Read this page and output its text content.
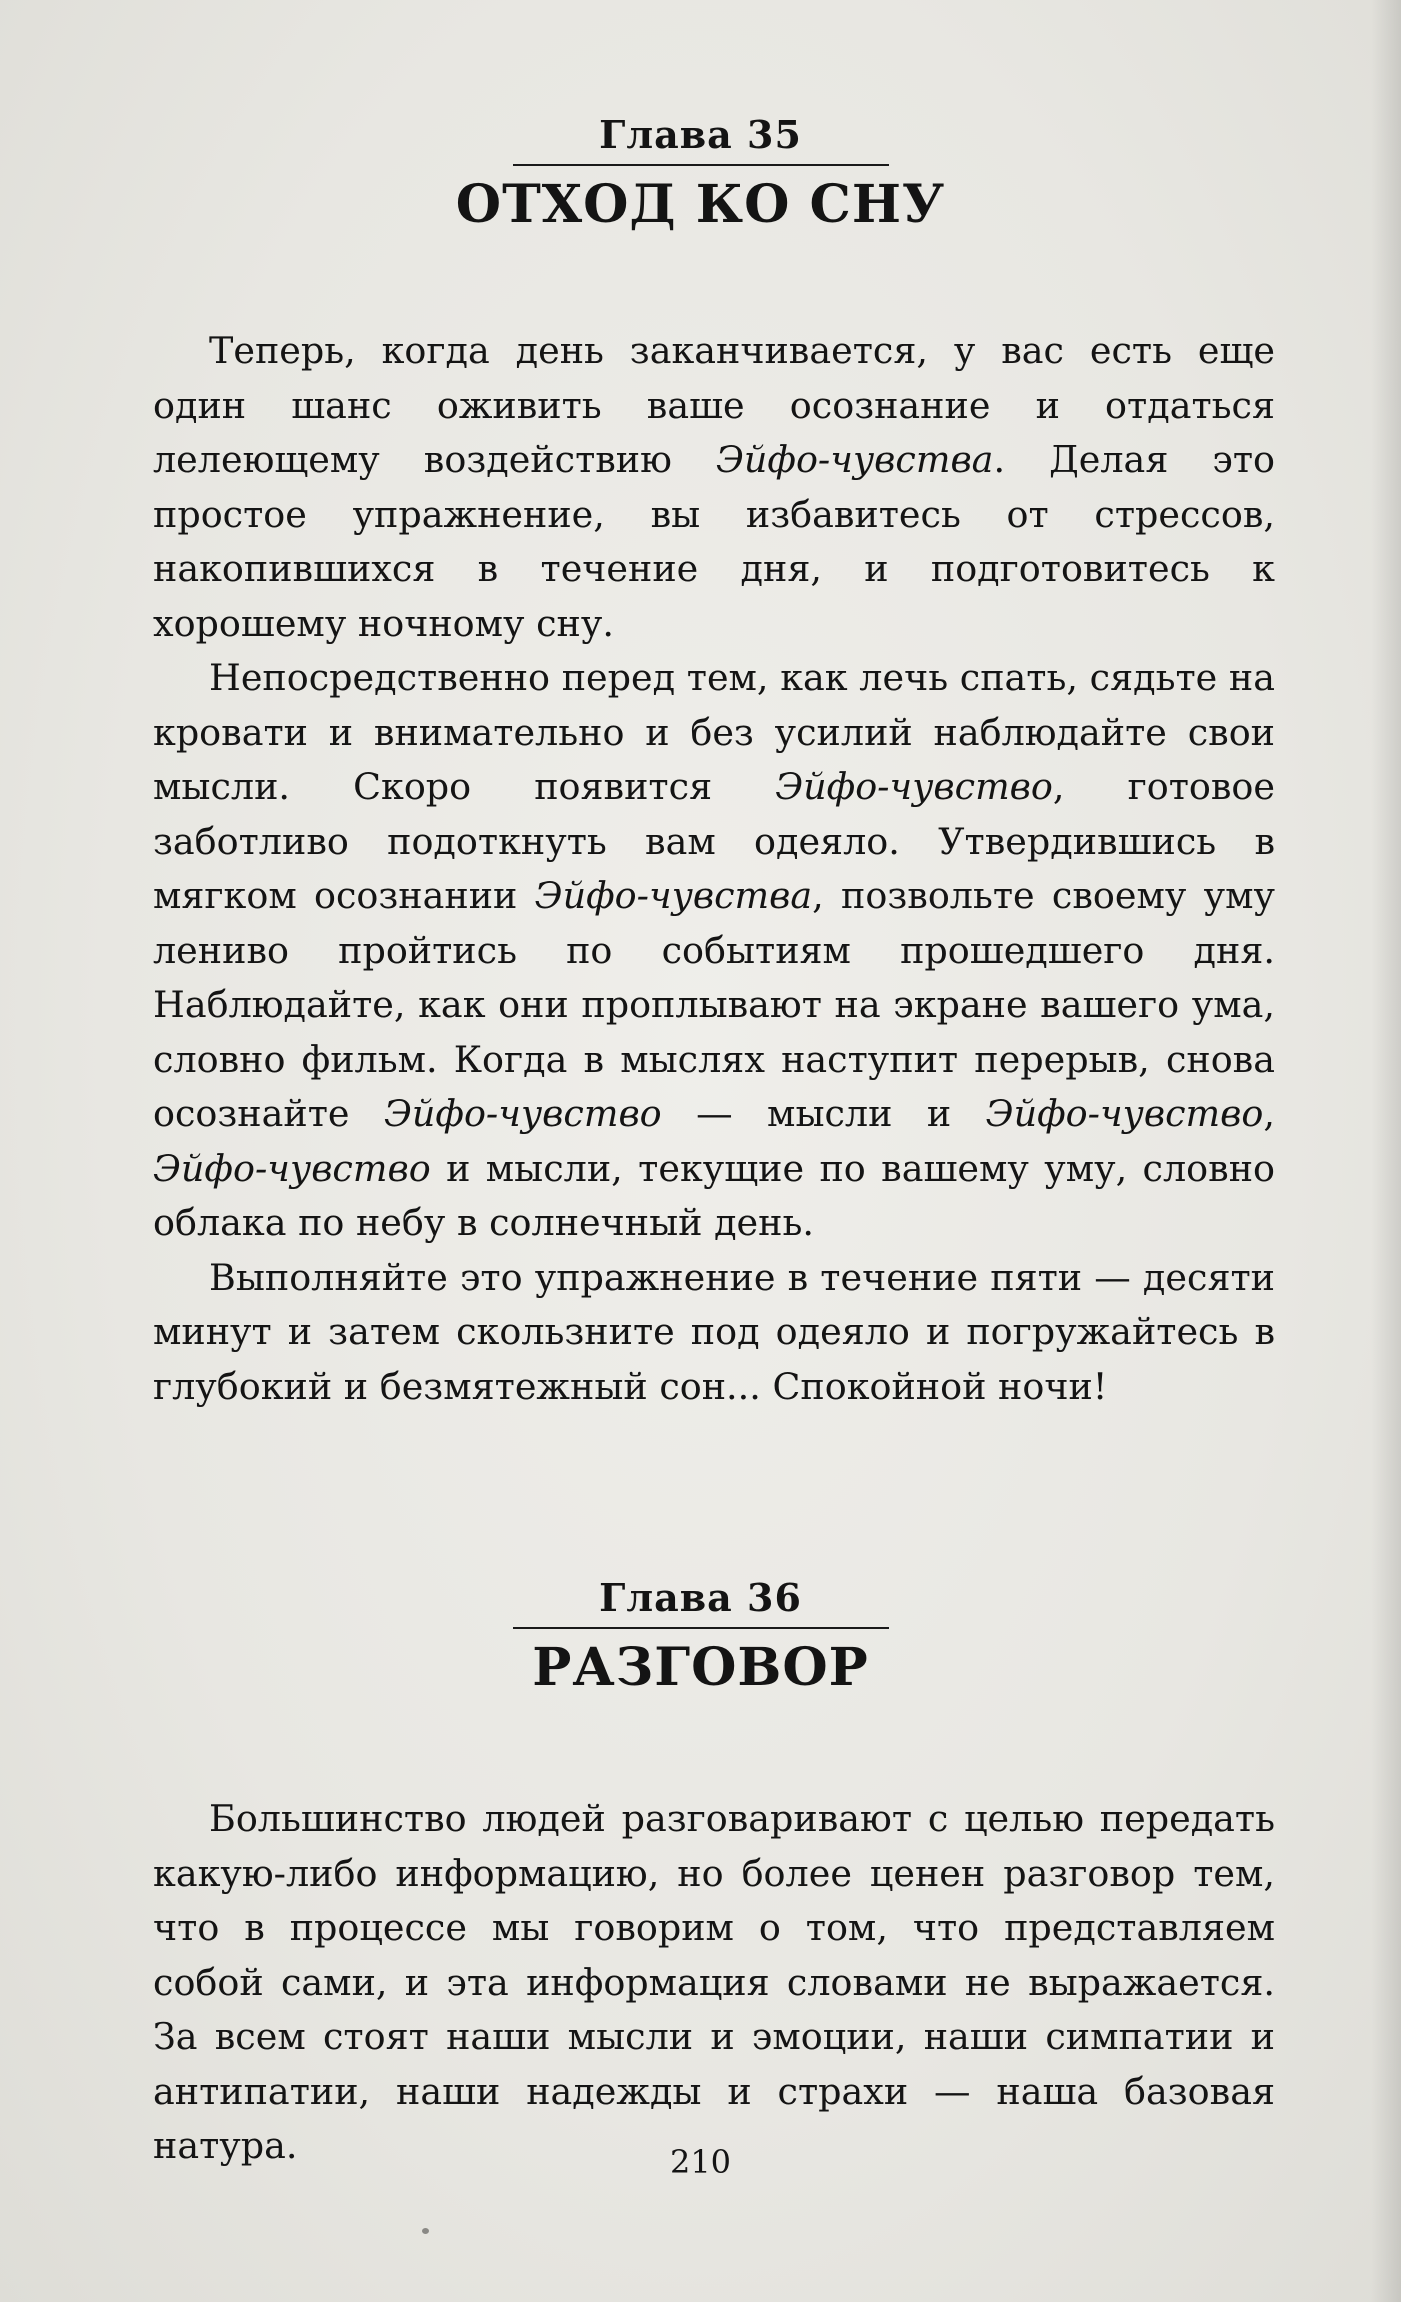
Глава 35
ОТХОД КО СНУ

Теперь, когда день заканчивается, у вас есть еще один шанс оживить ваше осознание и отдаться лелеющему воздействию Эйфо-чувства. Делая это простое упражнение, вы избавитесь от стрессов, накопившихся в течение дня, и подготовитесь к хорошему ночному сну.

Непосредственно перед тем, как лечь спать, сядьте на кровати и внимательно и без усилий наблюдайте свои мысли. Скоро появится Эйфо-чувство, готовое заботливо подоткнуть вам одеяло. Утвердившись в мягком осознании Эйфо-чувства, позвольте своему уму лениво пройтись по событиям прошедшего дня. Наблюдайте, как они проплывают на экране вашего ума, словно фильм. Когда в мыслях наступит перерыв, снова осознайте Эйфо-чувство — мысли и Эйфо-чувство, Эйфо-чувство и мысли, текущие по вашему уму, словно облака по небу в солнечный день.

Выполняйте это упражнение в течение пяти — десяти минут и затем скользните под одеяло и погружайтесь в глубокий и безмятежный сон... Спокойной ночи!

Глава 36
РАЗГОВОР

Большинство людей разговаривают с целью передать какую-либо информацию, но более ценен разговор тем, что в процессе мы говорим о том, что представляем собой сами, и эта информация словами не выражается. За всем стоят наши мысли и эмоции, наши симпатии и антипатии, наши надежды и страхи — наша базовая натура.	210
